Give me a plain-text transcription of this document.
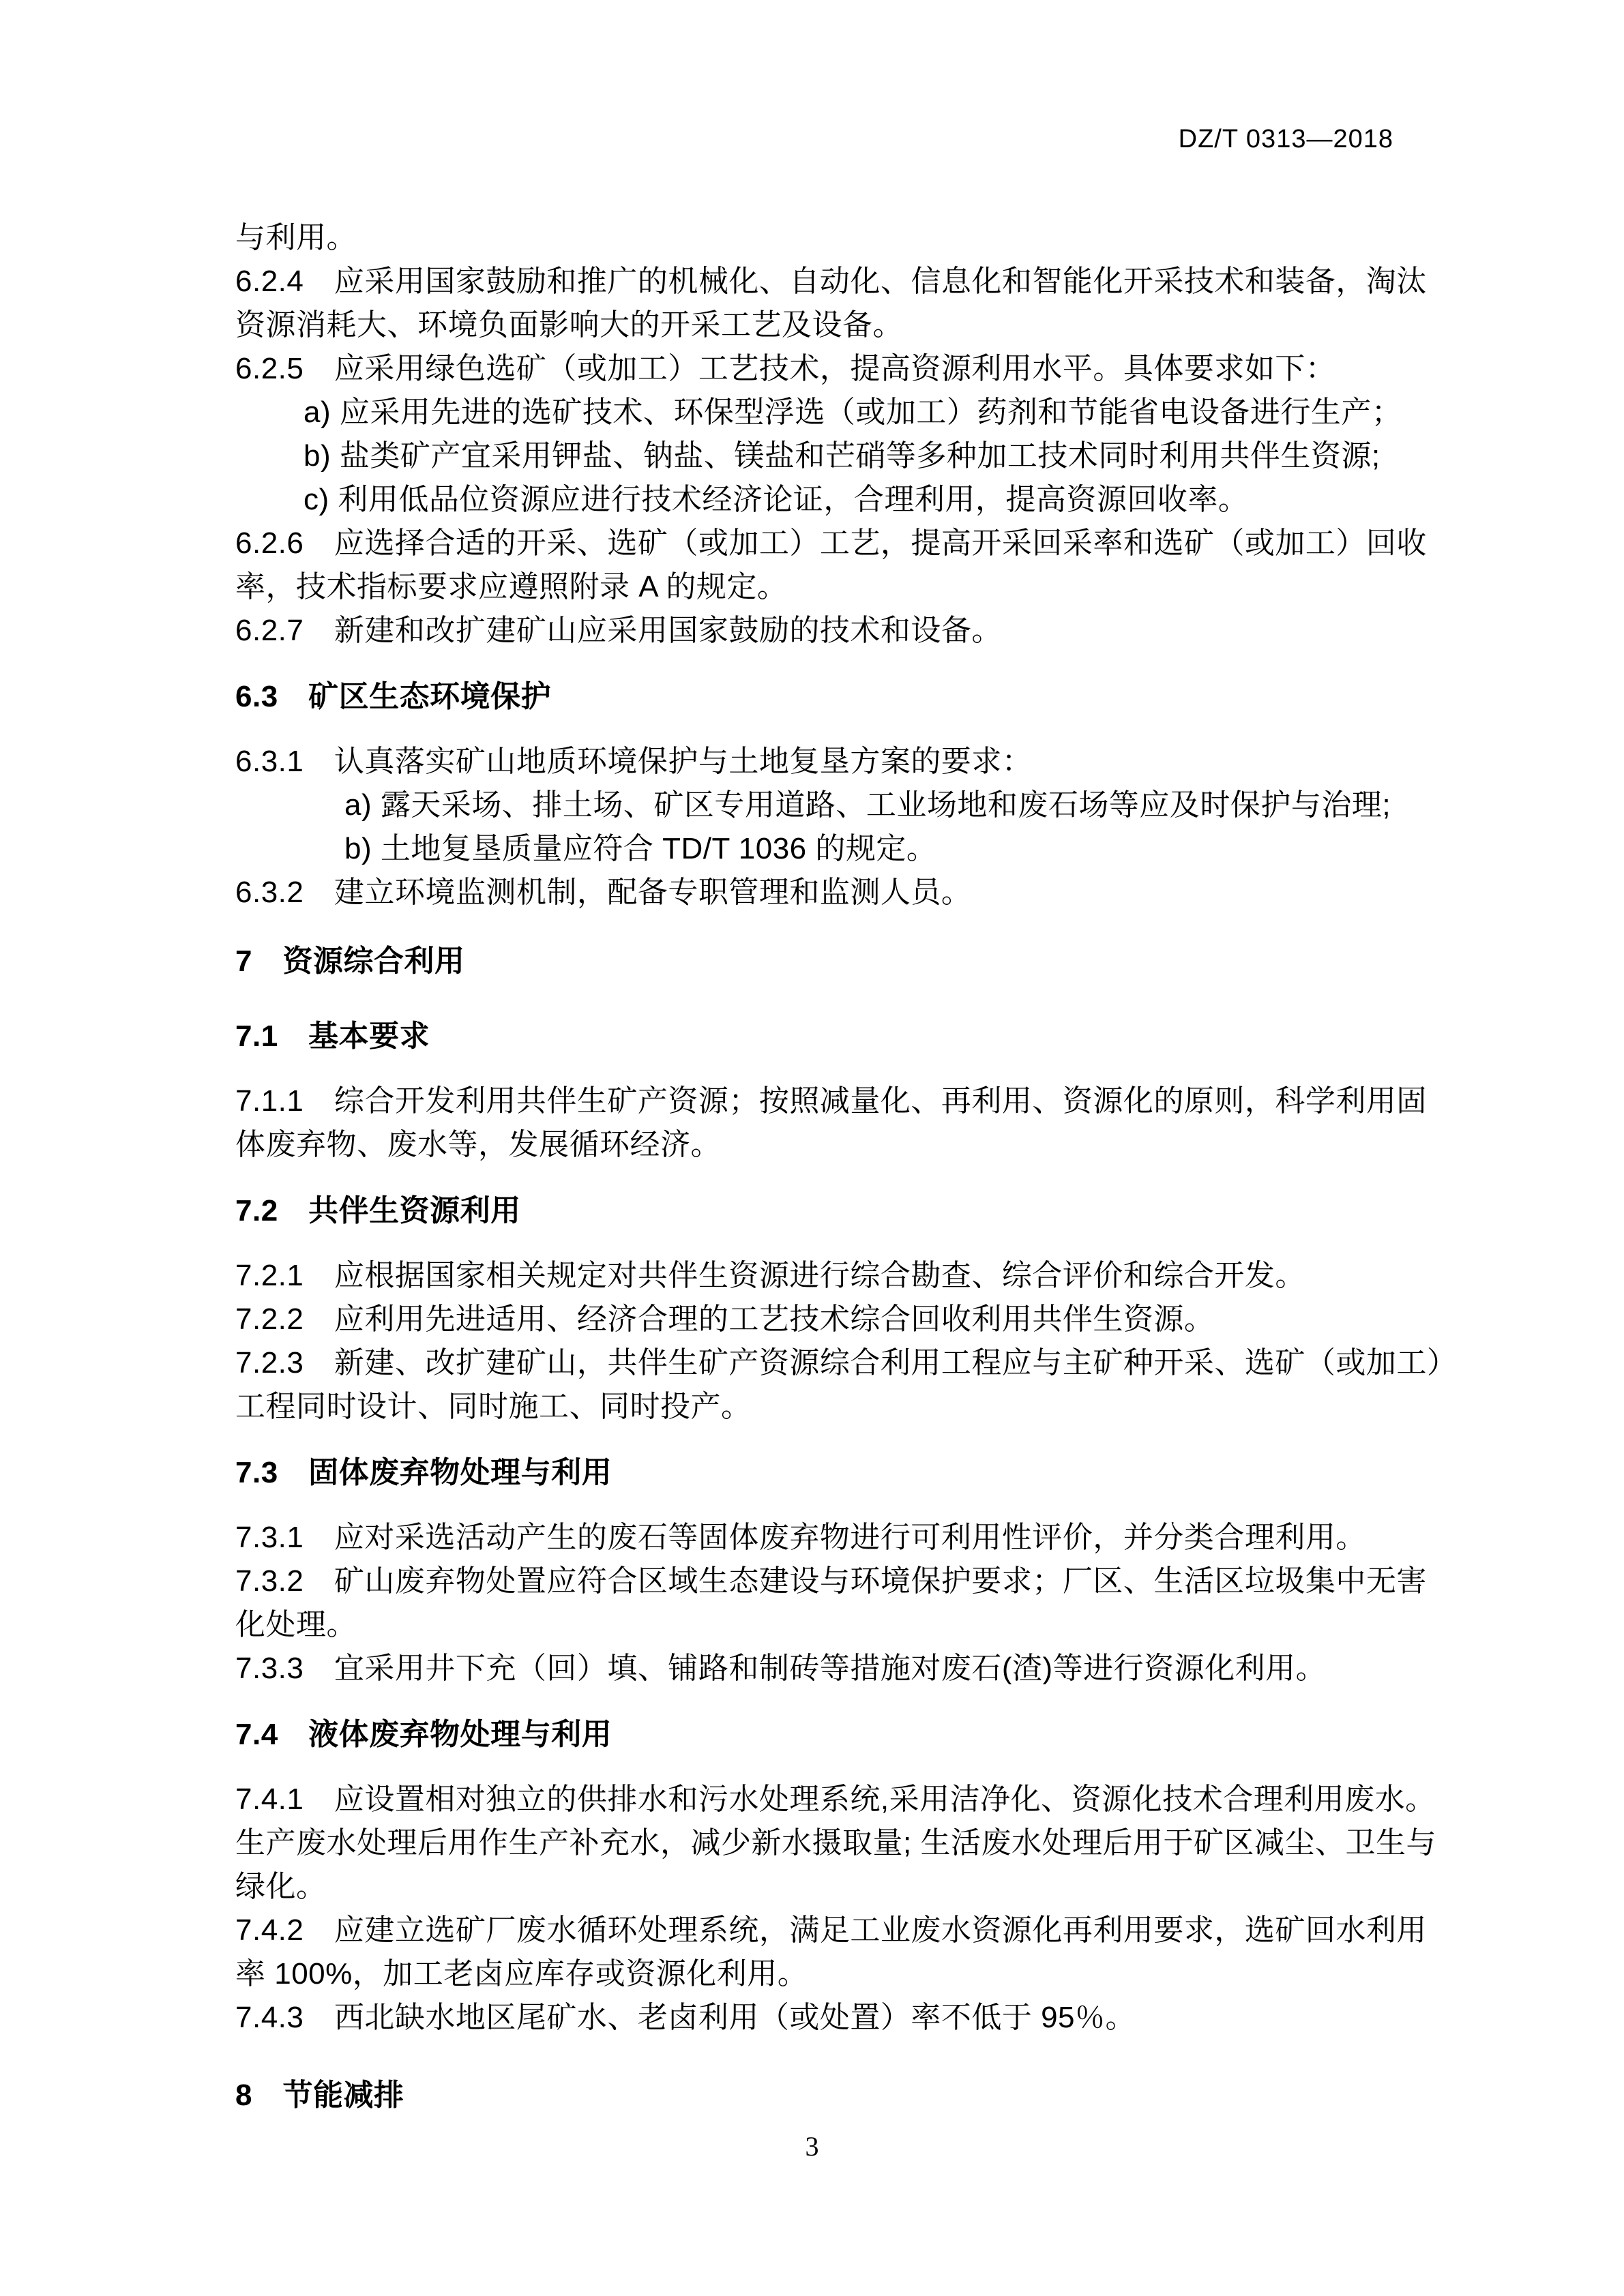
DZ/T 0313—2018
与利用。
6.2.4　应采用国家鼓励和推广的机械化、自动化、信息化和智能化开采技术和装备，淘汰
资源消耗大、环境负面影响大的开采工艺及设备。
6.2.5　应采用绿色选矿（或加工）工艺技术，提高资源利用水平。具体要求如下：
a) 应采用先进的选矿技术、环保型浮选（或加工）药剂和节能省电设备进行生产；
b) 盐类矿产宜采用钾盐、钠盐、镁盐和芒硝等多种加工技术同时利用共伴生资源;
c) 利用低品位资源应进行技术经济论证，合理利用，提高资源回收率。
6.2.6　应选择合适的开采、选矿（或加工）工艺，提高开采回采率和选矿（或加工）回收
率，技术指标要求应遵照附录 A 的规定。
6.2.7　新建和改扩建矿山应采用国家鼓励的技术和设备。
6.3　矿区生态环境保护
6.3.1　认真落实矿山地质环境保护与土地复垦方案的要求：
a) 露天采场、排土场、矿区专用道路、工业场地和废石场等应及时保护与治理;
b) 土地复垦质量应符合 TD/T 1036 的规定。
6.3.2　建立环境监测机制，配备专职管理和监测人员。
7　资源综合利用
7.1　基本要求
7.1.1　综合开发利用共伴生矿产资源；按照减量化、再利用、资源化的原则，科学利用固
体废弃物、废水等，发展循环经济。
7.2　共伴生资源利用
7.2.1　应根据国家相关规定对共伴生资源进行综合勘查、综合评价和综合开发。
7.2.2　应利用先进适用、经济合理的工艺技术综合回收利用共伴生资源。
7.2.3　新建、改扩建矿山，共伴生矿产资源综合利用工程应与主矿种开采、选矿（或加工）
工程同时设计、同时施工、同时投产。
7.3　固体废弃物处理与利用
7.3.1　应对采选活动产生的废石等固体废弃物进行可利用性评价，并分类合理利用。
7.3.2　矿山废弃物处置应符合区域生态建设与环境保护要求；厂区、生活区垃圾集中无害
化处理。
7.3.3　宜采用井下充（回）填、铺路和制砖等措施对废石(渣)等进行资源化利用。
7.4　液体废弃物处理与利用
7.4.1　应设置相对独立的供排水和污水处理系统,采用洁净化、资源化技术合理利用废水。
生产废水处理后用作生产补充水，减少新水摄取量; 生活废水处理后用于矿区减尘、卫生与
绿化。
7.4.2　应建立选矿厂废水循环处理系统，满足工业废水资源化再利用要求，选矿回水利用
率 100%，加工老卤应库存或资源化利用。
7.4.3　西北缺水地区尾矿水、老卤利用（或处置）率不低于 95％。
8　节能减排
3
